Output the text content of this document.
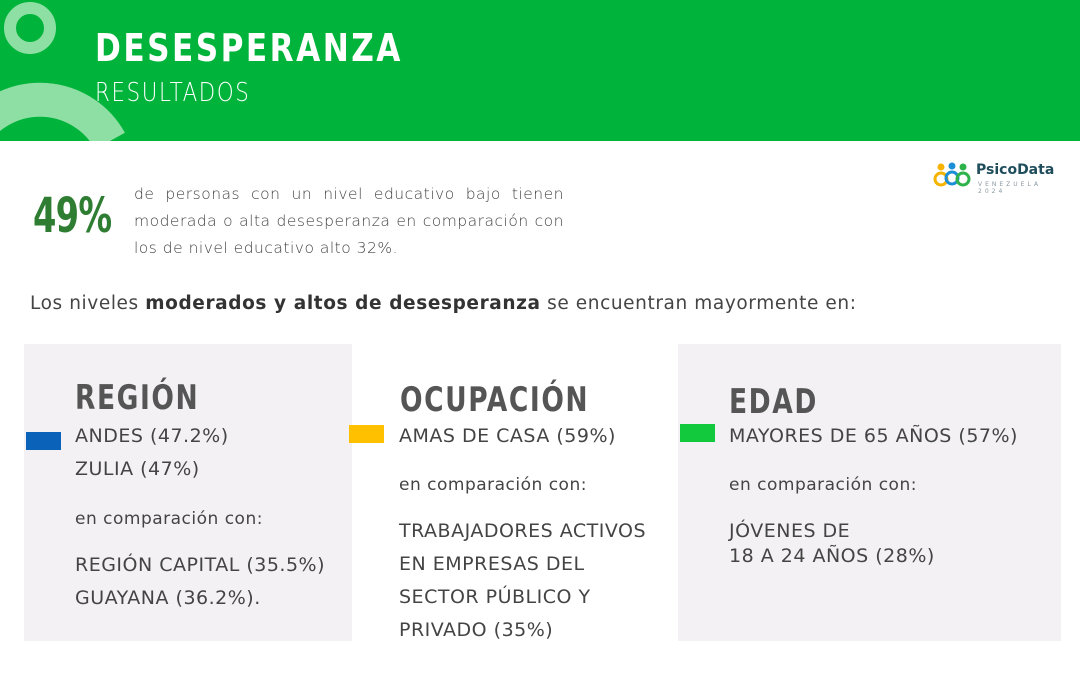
DESESPERANZA
RESULTADOS
PsicoData
VENEZUELA 2024
49% de personas con un nivel educativo bajo tienen moderada o alta desesperanza en comparación con los de nivel educativo alto 32%.
Los niveles moderados y altos de desesperanza se encuentran mayormente en:
REGIÓN
ANDES (47.2%)
ZULIA (47%)
en comparación con:
REGIÓN CAPITAL (35.5%)
GUAYANA (36.2%).
OCUPACIÓN
AMAS DE CASA (59%)
en comparación con:
TRABAJADORES ACTIVOS
EN EMPRESAS DEL
SECTOR PÚBLICO Y
PRIVADO (35%)
EDAD
MAYORES DE 65 AÑOS (57%)
en comparación con:
JÓVENES DE
18 A 24 AÑOS (28%)
